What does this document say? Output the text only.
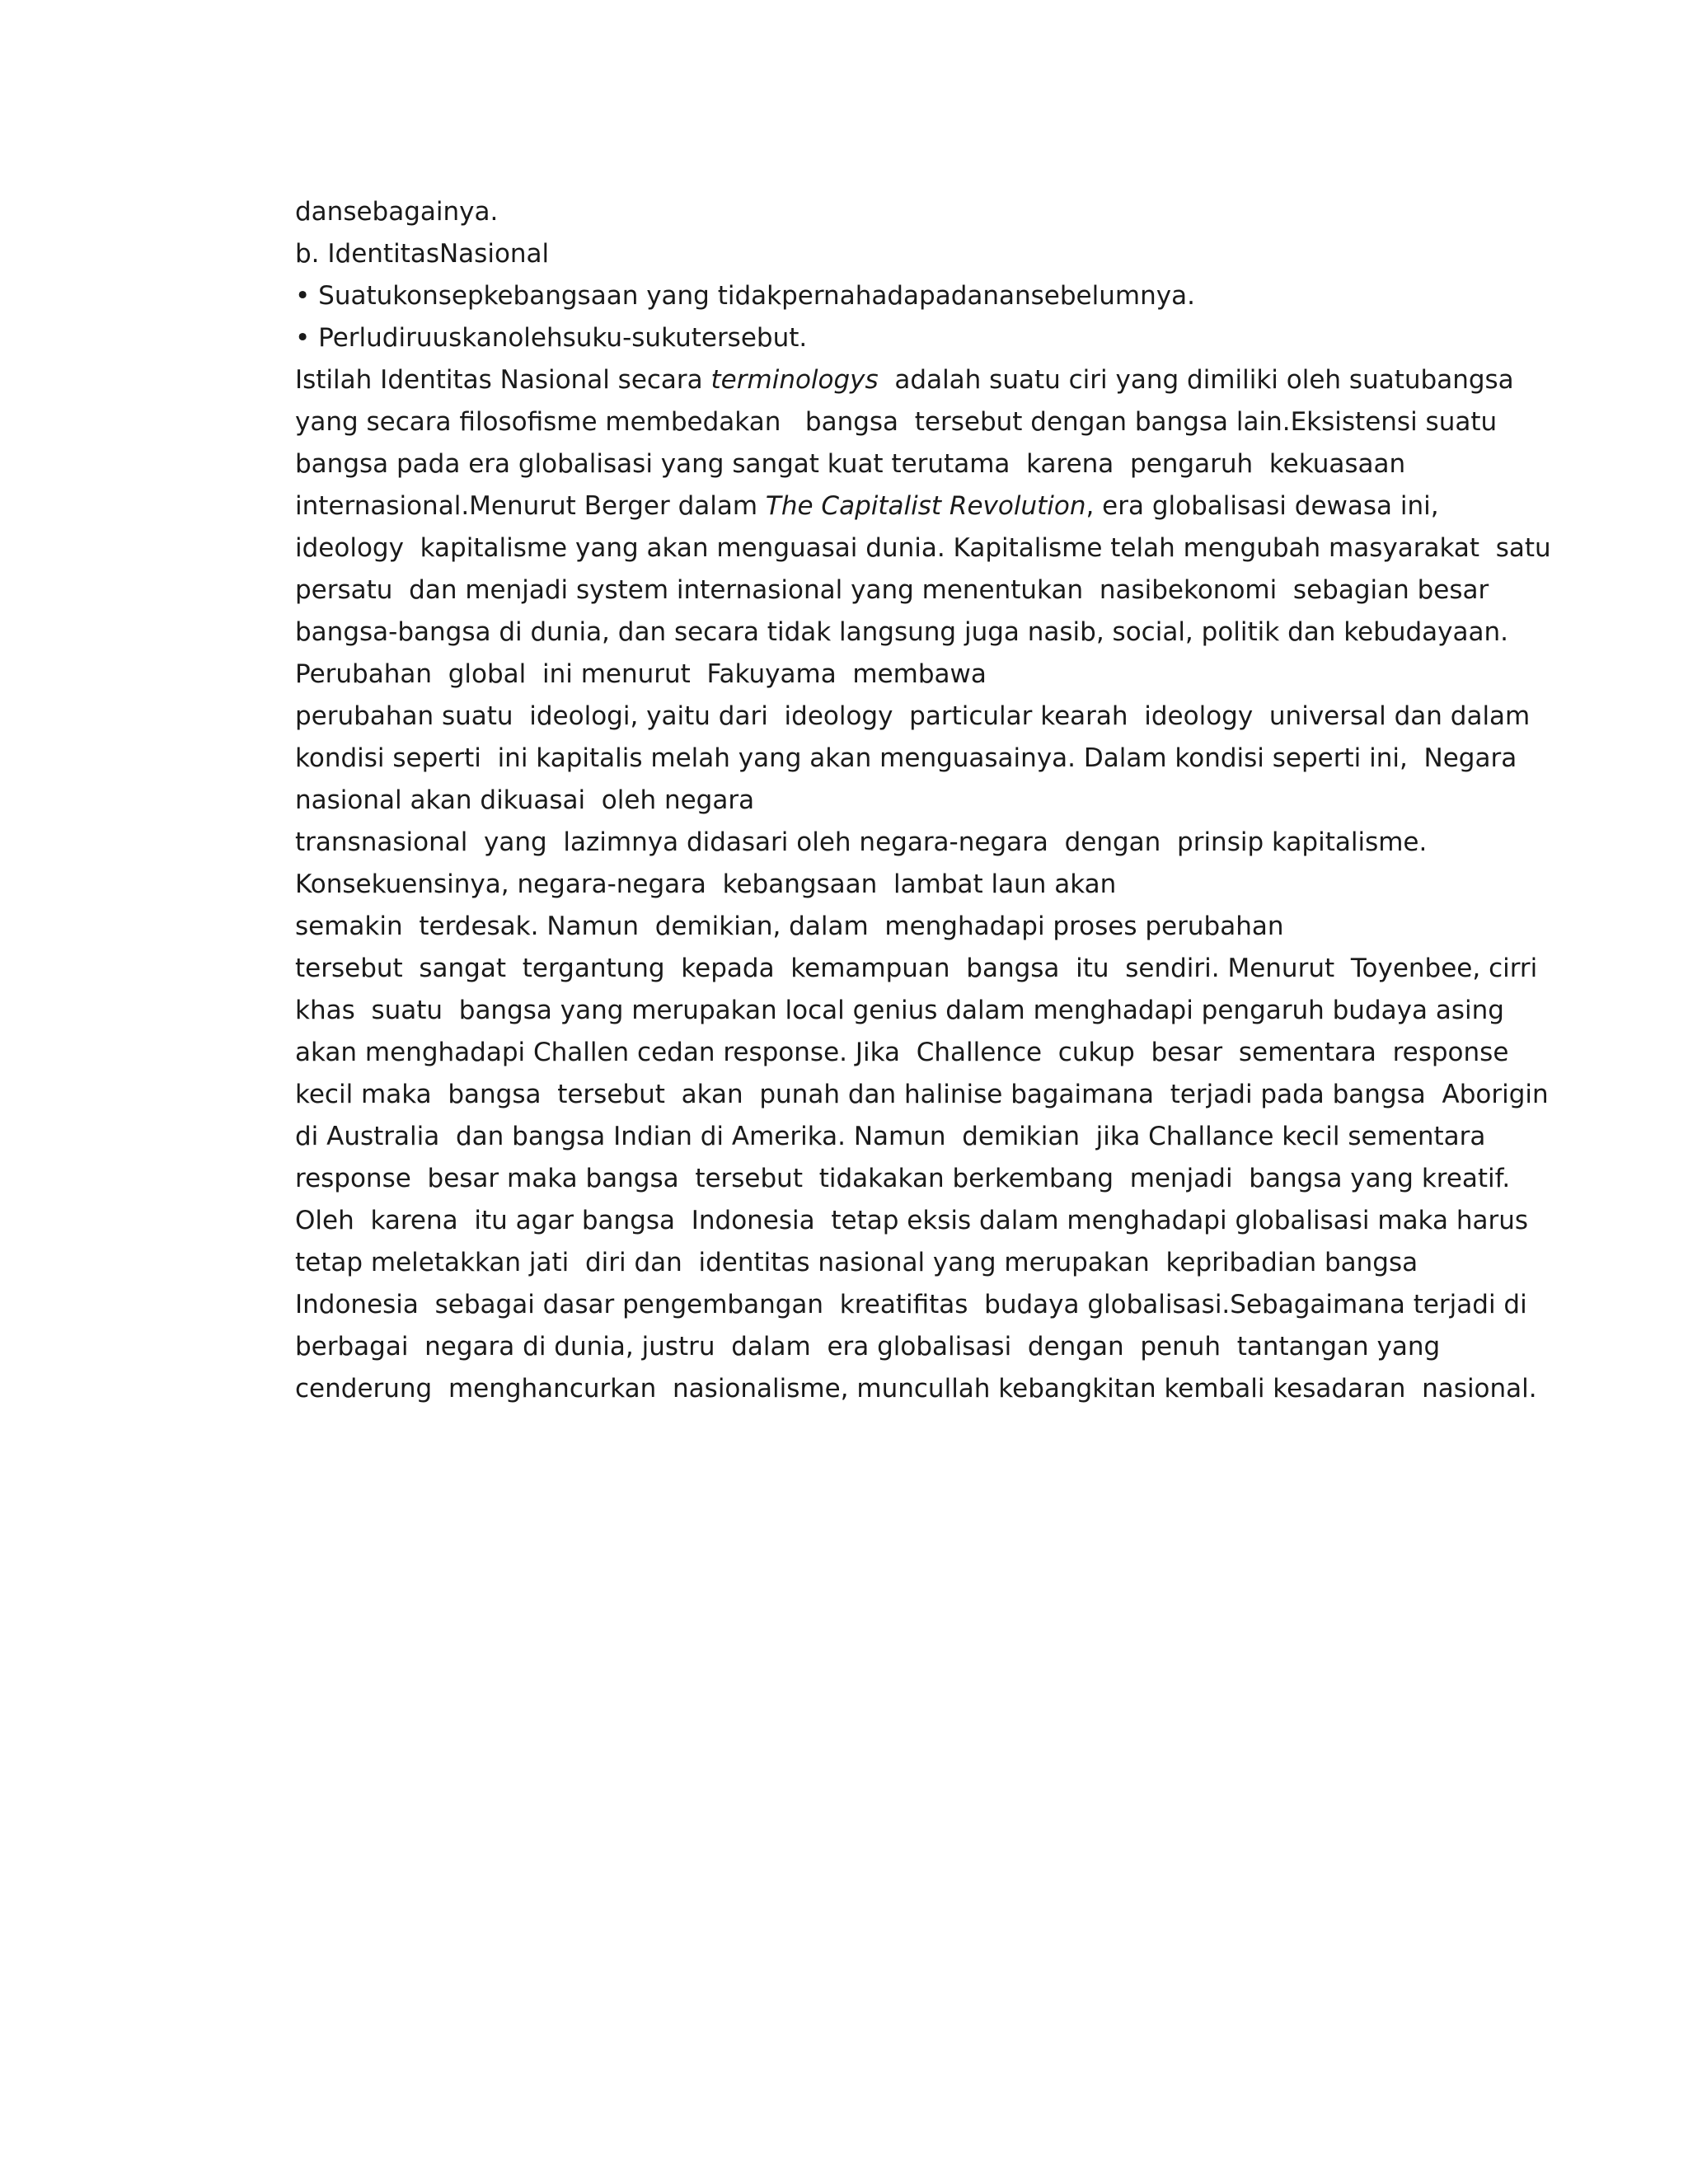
dansebagainya.
b. IdentitasNasional
• Suatukonsepkebangsaan yang tidakpernahadapadanansebelumnya.
• Perludiruuskanolehsuku-sukutersebut.
Istilah Identitas Nasional secara terminologys  adalah suatu ciri yang dimiliki oleh suatubangsa
yang secara filosofisme membedakan   bangsa  tersebut dengan bangsa lain.Eksistensi suatu
bangsa pada era globalisasi yang sangat kuat terutama  karena  pengaruh  kekuasaan
internasional.Menurut Berger dalam The Capitalist Revolution, era globalisasi dewasa ini,
ideology  kapitalisme yang akan menguasai dunia. Kapitalisme telah mengubah masyarakat  satu
persatu  dan menjadi system internasional yang menentukan  nasibekonomi  sebagian besar
bangsa-bangsa di dunia, dan secara tidak langsung juga nasib, social, politik dan kebudayaan.
Perubahan  global  ini menurut  Fakuyama  membawa
perubahan suatu  ideologi, yaitu dari  ideology  particular kearah  ideology  universal dan dalam
kondisi seperti  ini kapitalis melah yang akan menguasainya. Dalam kondisi seperti ini,  Negara
nasional akan dikuasai  oleh negara
transnasional  yang  lazimnya didasari oleh negara-negara  dengan  prinsip kapitalisme.
Konsekuensinya, negara-negara  kebangsaan  lambat laun akan
semakin  terdesak. Namun  demikian, dalam  menghadapi proses perubahan
tersebut  sangat  tergantung  kepada  kemampuan  bangsa  itu  sendiri. Menurut  Toyenbee, cirri
khas  suatu  bangsa yang merupakan local genius dalam menghadapi pengaruh budaya asing
akan menghadapi Challen cedan response. Jika  Challence  cukup  besar  sementara  response
kecil maka  bangsa  tersebut  akan  punah dan halinise bagaimana  terjadi pada bangsa  Aborigin
di Australia  dan bangsa Indian di Amerika. Namun  demikian  jika Challance kecil sementara
response  besar maka bangsa  tersebut  tidakakan berkembang  menjadi  bangsa yang kreatif.
Oleh  karena  itu agar bangsa  Indonesia  tetap eksis dalam menghadapi globalisasi maka harus
tetap meletakkan jati  diri dan  identitas nasional yang merupakan  kepribadian bangsa
Indonesia  sebagai dasar pengembangan  kreatifitas  budaya globalisasi.Sebagaimana terjadi di
berbagai  negara di dunia, justru  dalam  era globalisasi  dengan  penuh  tantangan yang
cenderung  menghancurkan  nasionalisme, muncullah kebangkitan kembali kesadaran  nasional.
